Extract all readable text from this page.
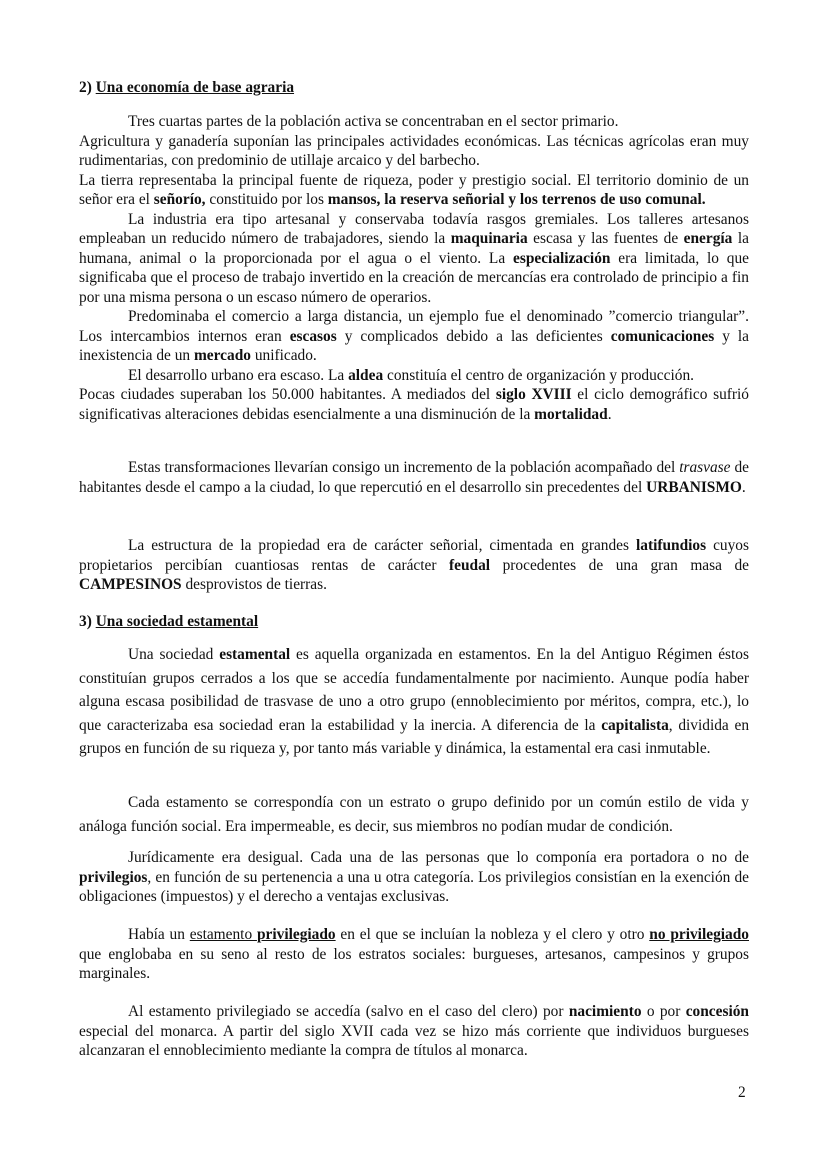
2) Una economía de base agraria

Tres cuartas partes de la población activa se concentraban en el sector primario.

Agricultura y ganadería suponían las principales actividades económicas. Las técnicas agrícolas eran muy rudimentarias, con predominio de utillaje arcaico y del barbecho.

La tierra representaba la principal fuente de riqueza, poder y prestigio social. El territorio dominio de un señor era el señorío, constituido por los mansos, la reserva señorial y los terrenos de uso comunal.

La industria era tipo artesanal y conservaba todavía rasgos gremiales. Los talleres artesanos empleaban un reducido número de trabajadores, siendo la maquinaria escasa y las fuentes de energía la humana, animal o la proporcionada por el agua o el viento. La especialización era limitada, lo que significaba que el proceso de trabajo invertido en la creación de mercancías era controlado de principio a fin por una misma persona o un escaso número de operarios.

Predominaba el comercio a larga distancia, un ejemplo fue el denominado ”comercio triangular”. Los intercambios internos eran escasos y complicados debido a las deficientes comunicaciones y la inexistencia de un mercado unificado.

El desarrollo urbano era escaso. La aldea constituía el centro de organización y producción.

Pocas ciudades superaban los 50.000 habitantes. A mediados del siglo XVIII el ciclo demográfico sufrió significativas alteraciones debidas esencialmente a una disminución de la mortalidad.

Estas transformaciones llevarían consigo un incremento de la población acompañado del trasvase de habitantes desde el campo a la ciudad, lo que repercutió en el desarrollo sin precedentes del URBANISMO.

La estructura de la propiedad era de carácter señorial, cimentada en grandes latifundios cuyos propietarios percibían cuantiosas rentas de carácter feudal procedentes de una gran masa de CAMPESINOS desprovistos de tierras.

3) Una sociedad estamental

Una sociedad estamental es aquella organizada en estamentos. En la del Antiguo Régimen éstos constituían grupos cerrados a los que se accedía fundamentalmente por nacimiento. Aunque podía haber alguna escasa posibilidad de trasvase de uno a otro grupo (ennoblecimiento por méritos, compra, etc.), lo que caracterizaba esa sociedad eran la estabilidad y la inercia. A diferencia de la capitalista, dividida en grupos en función de su riqueza y, por tanto más variable y dinámica, la estamental era casi inmutable.

Cada estamento se correspondía con un estrato o grupo definido por un común estilo de vida y análoga función social. Era impermeable, es decir, sus miembros no podían mudar de condición.

Jurídicamente era desigual. Cada una de las personas que lo componía era portadora o no de privilegios, en función de su pertenencia a una u otra categoría. Los privilegios consistían en la exención de obligaciones (impuestos) y el derecho a ventajas exclusivas.

Había un estamento privilegiado en el que se incluían la nobleza y el clero y otro no privilegiado que englobaba en su seno al resto de los estratos sociales: burgueses, artesanos, campesinos y grupos marginales.

Al estamento privilegiado se accedía (salvo en el caso del clero) por nacimiento o por concesión especial del monarca. A partir del siglo XVII cada vez se hizo más corriente que individuos burgueses alcanzaran el ennoblecimiento mediante la compra de títulos al monarca.

2
